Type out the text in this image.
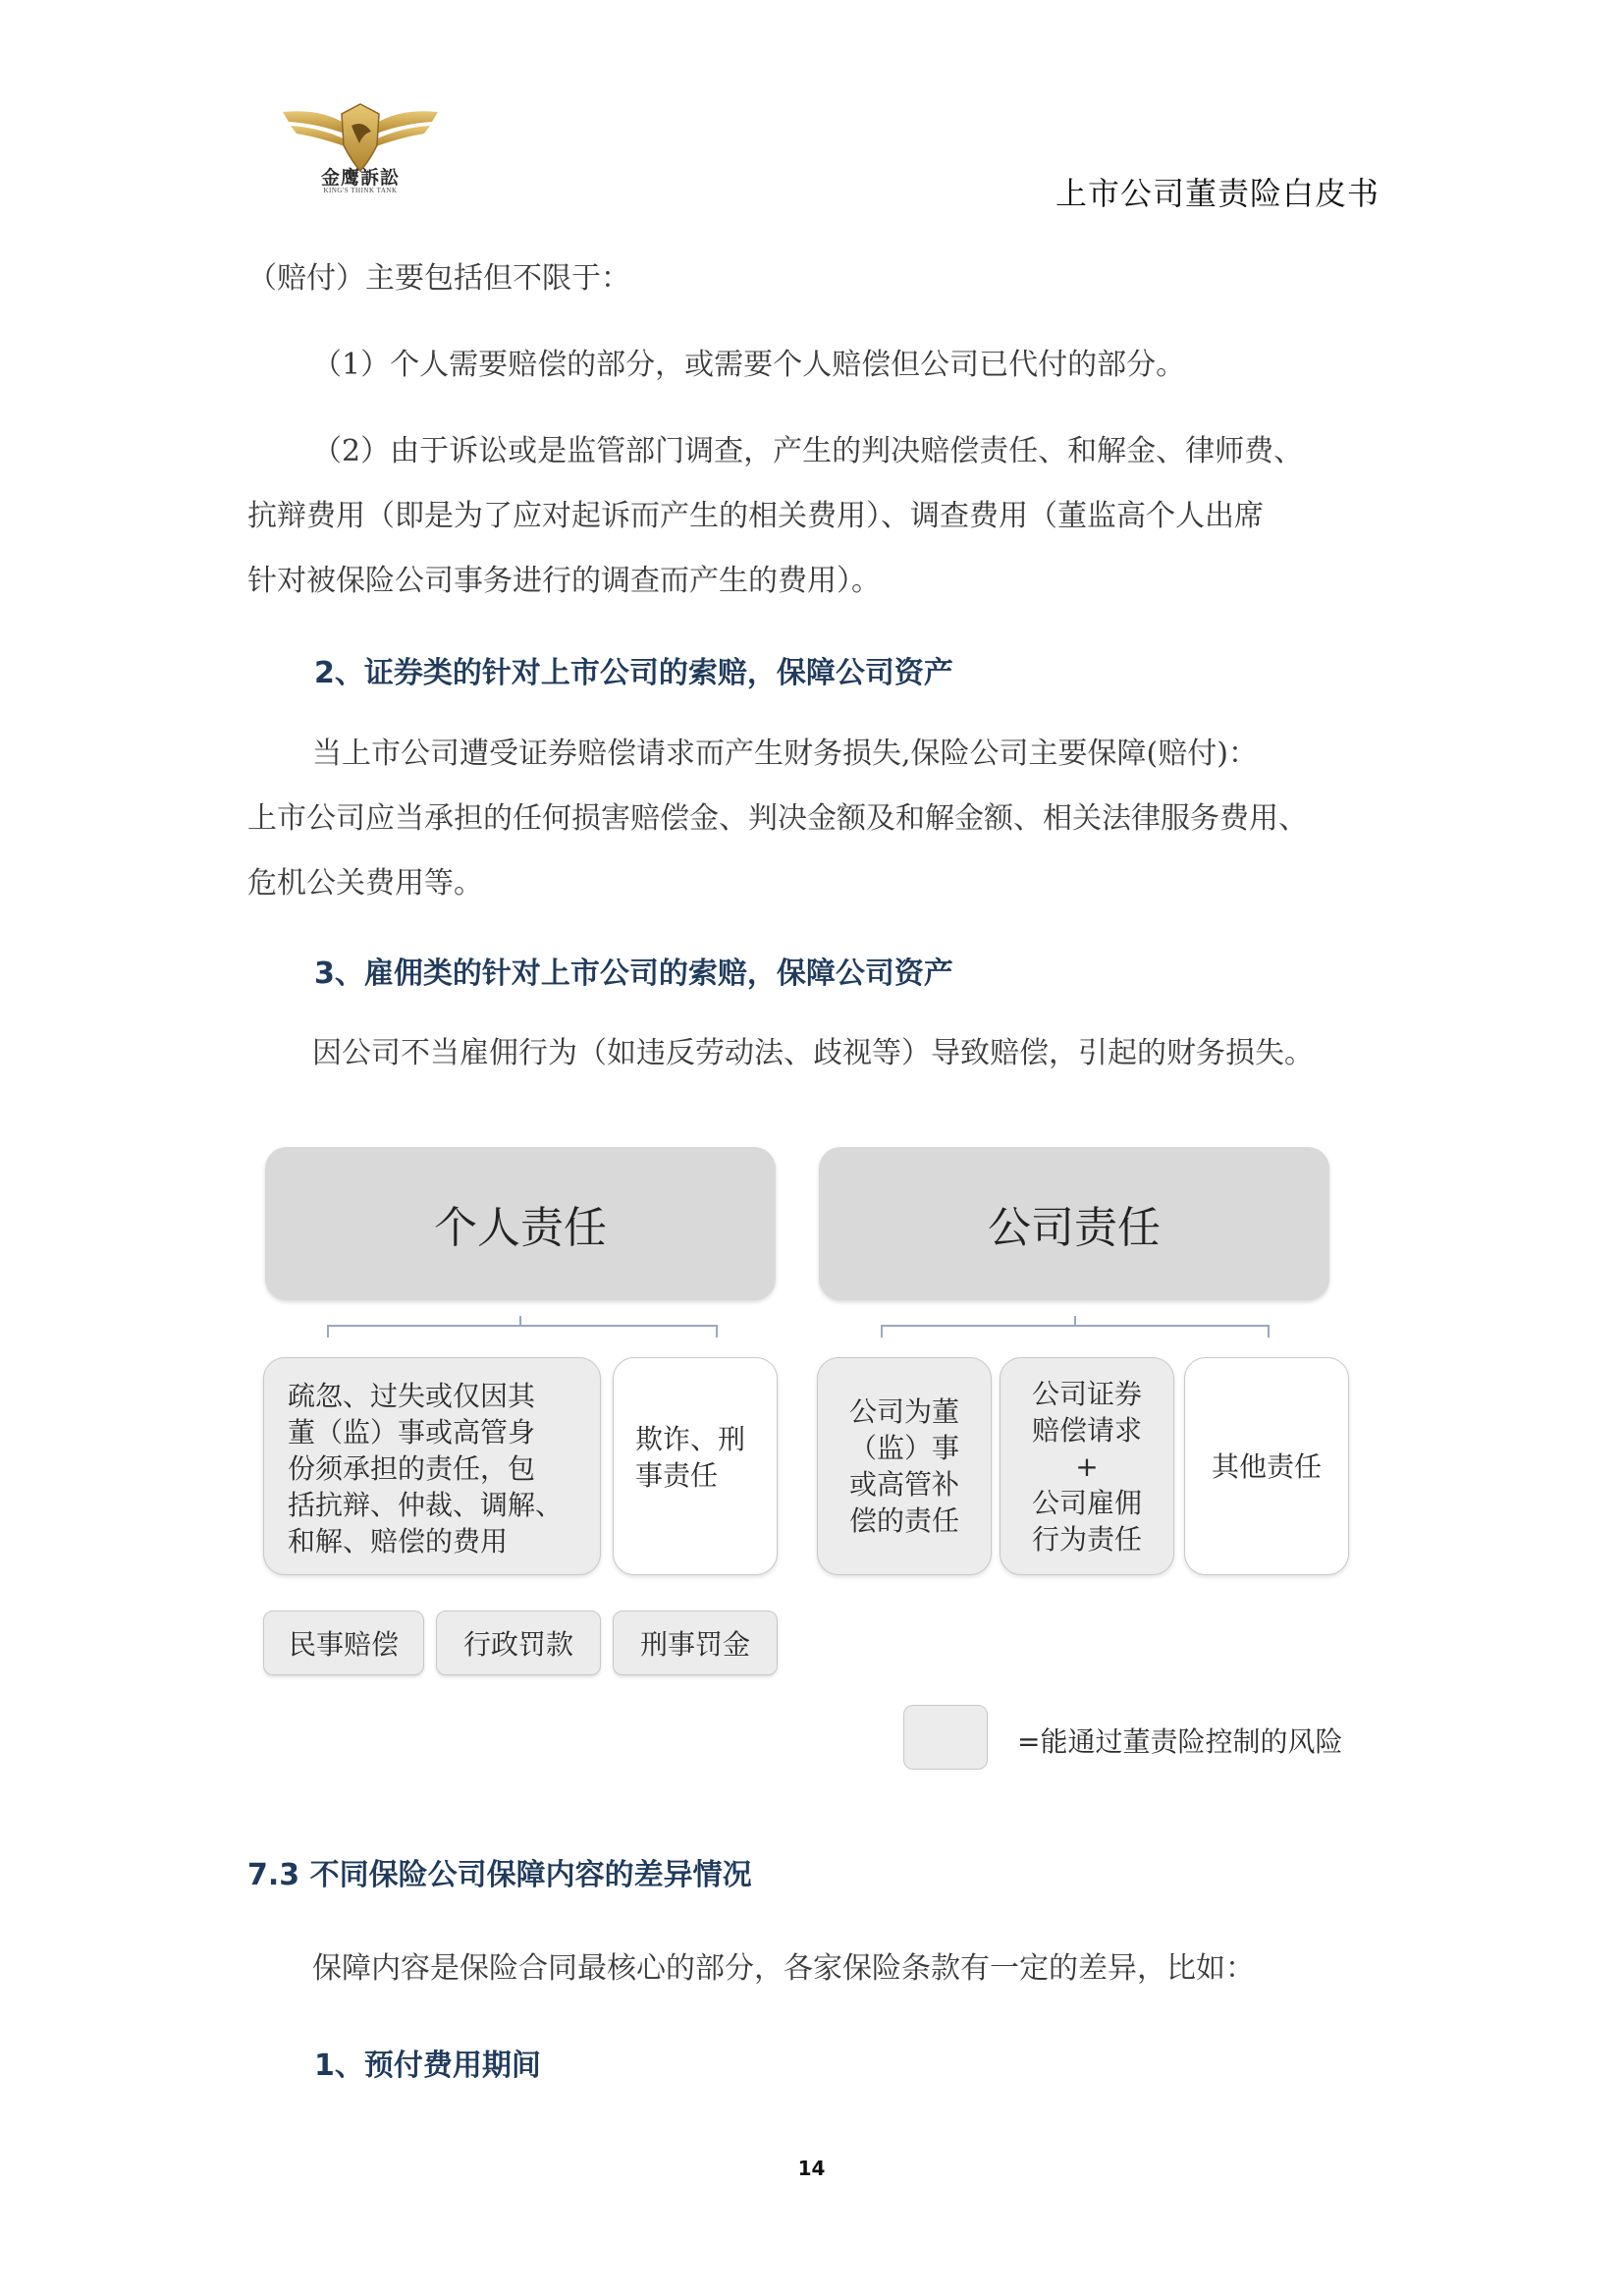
金鹰訴訟
KING'S THINK TANK	上市公司董责险白皮书
（赔付）主要包括但不限于：
（1）个人需要赔偿的部分，或需要个人赔偿但公司已代付的部分。
（2）由于诉讼或是监管部门调查，产生的判决赔偿责任、和解金、律师费、
抗辩费用（即是为了应对起诉而产生的相关费用）、调查费用（董监高个人出席
针对被保险公司事务进行的调查而产生的费用）。
2、证券类的针对上市公司的索赔，保障公司资产
当上市公司遭受证券赔偿请求而产生财务损失,保险公司主要保障(赔付)：
上市公司应当承担的任何损害赔偿金、判决金额及和解金额、相关法律服务费用、
危机公关费用等。
3、雇佣类的针对上市公司的索赔，保障公司资产
因公司不当雇佣行为（如违反劳动法、歧视等）导致赔偿，引起的财务损失。
个人责任	公司责任
疏忽、过失或仅因其
董（监）事或高管身
份须承担的责任，包
括抗辩、仲裁、调解、
和解、赔偿的费用
欺诈、刑
事责任
公司为董
（监）事
或高管补
偿的责任
公司证券
赔偿请求
+
公司雇佣
行为责任
其他责任
民事赔偿	行政罚款	刑事罚金
=能通过董责险控制的风险
7.3 不同保险公司保障内容的差异情况
保障内容是保险合同最核心的部分，各家保险条款有一定的差异，比如：
1、预付费用期间
14
